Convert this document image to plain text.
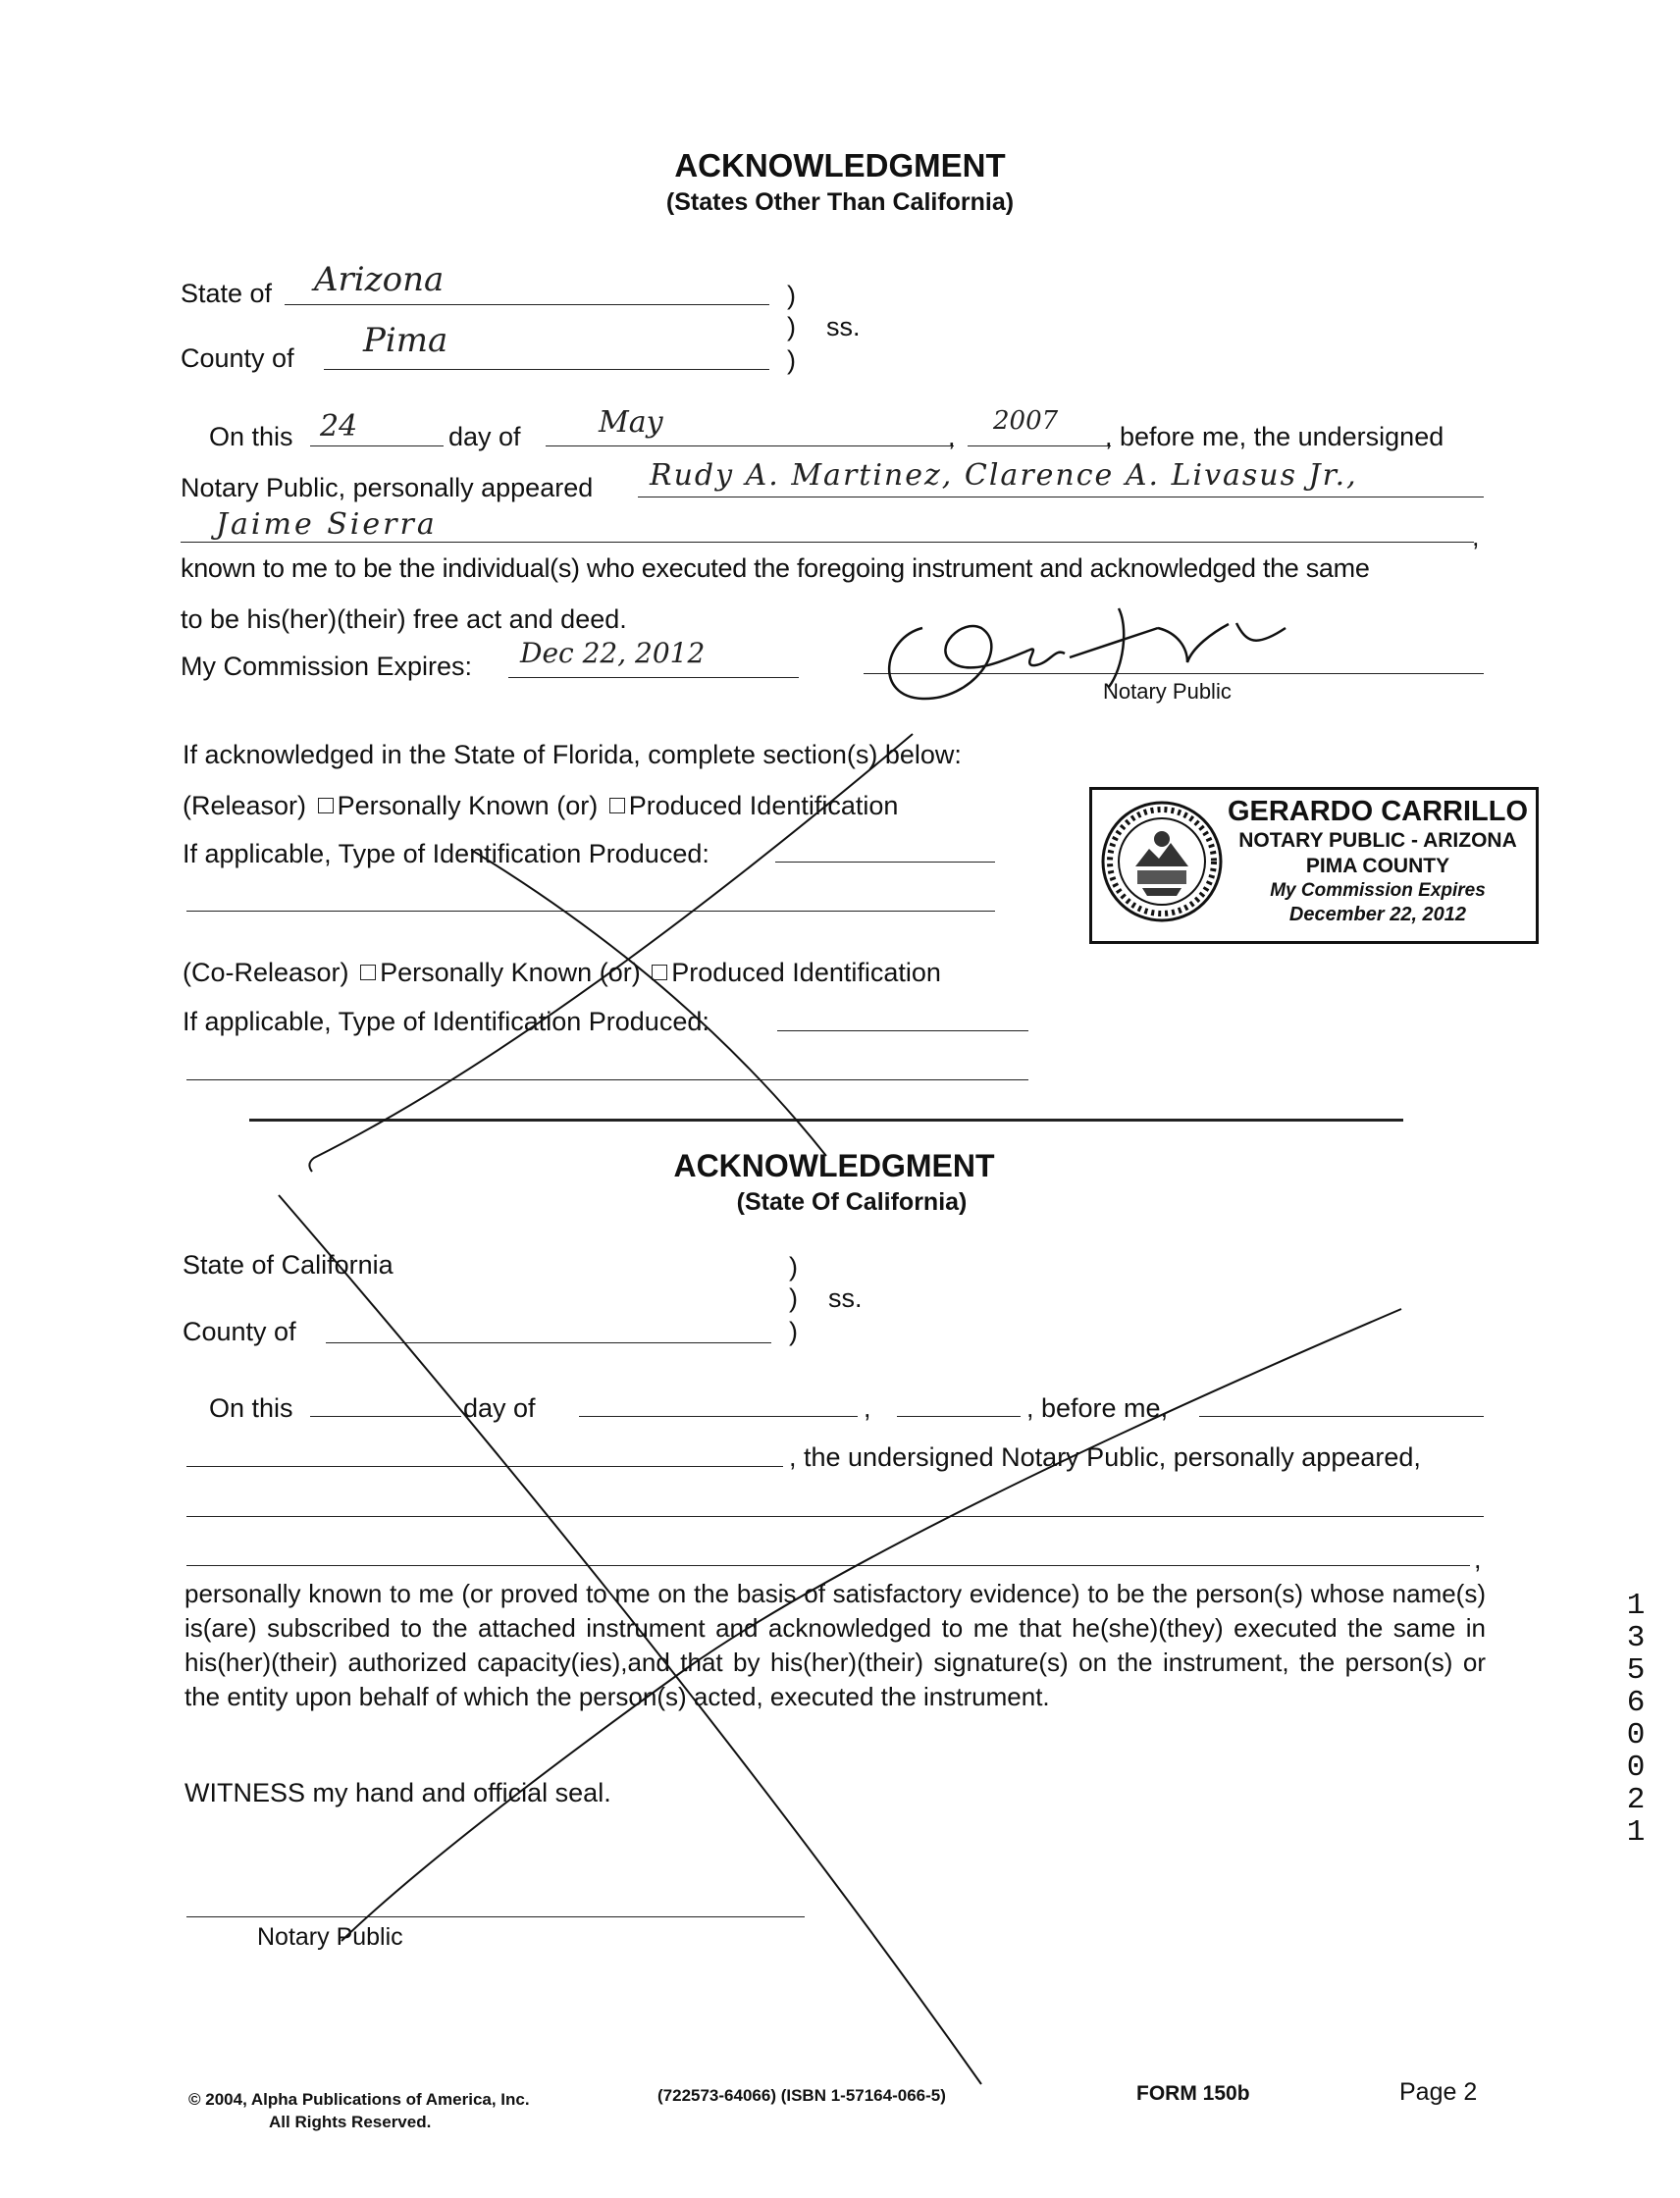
ACKNOWLEDGMENT
(States Other Than California)
State of Arizona	)
) ss.
)
County of Pima
On this 24	day of	May	,
2007
, before me, the undersigned
Notary Public, personally appeared Rudy A. Martinez, Clarence A. Livasus Jr.,
Jaime Sierra	,
known to me to be the individual(s) who executed the foregoing instrument and acknowledged the same
to be his(her)(their) free act and deed.
My Commission Expires: Dec 22, 2012
Notary Public
If acknowledged in the State of Florida, complete section(s) below:
(Releasor) Personally Known (or) Produced Identification
If applicable, Type of Identification Produced:
(Co-Releasor) Personally Known (or) Produced Identification
If applicable, Type of Identification Produced:
GERARDO CARRILLO
NOTARY PUBLIC - ARIZONA
PIMA COUNTY
My Commission Expires
December 22, 2012
ACKNOWLEDGMENT
(State Of California)
State of California	)
) ss.
)
County of
On this	day of	,	, before me,
, the undersigned Notary Public, personally appeared,
,
personally known to me (or proved to me on the basis of satisfactory evidence) to be the person(s) whose name(s) is(are) subscribed to the attached instrument and acknowledged to me that he(she)(they) executed the same in his(her)(their) authorized capacity(ies),and that by his(her)(their) signature(s) on the instrument, the person(s) or the entity upon behalf of which the person(s) acted, executed the instrument.
WITNESS my hand and official seal.
Notary Public
1356 0021
© 2004, Alpha Publications of America, Inc.
All Rights Reserved.
(722573-64066) (ISBN 1-57164-066-5)	FORM 150b	Page 2
